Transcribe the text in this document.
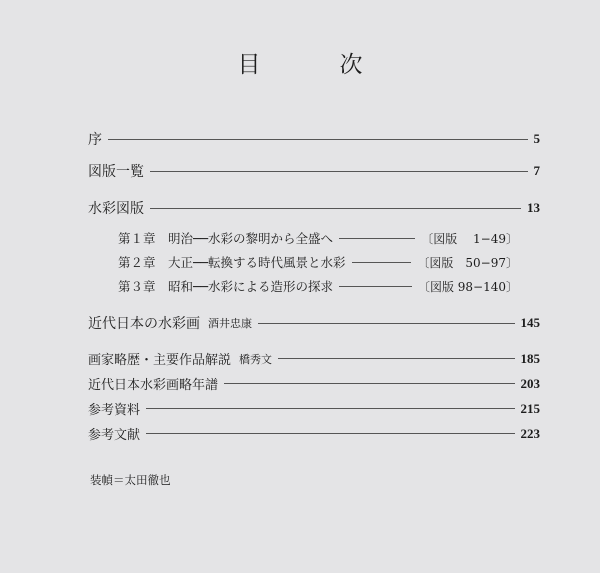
目　次
序	5
図版一覧	7
水彩図版	13
第１章　明治──水彩の黎明から全盛へ	〔図版　 1−49〕
第２章　大正──転換する時代風景と水彩	〔図版　50−97〕
第３章　昭和──水彩による造形の探求	〔図版 98−140〕
近代日本の水彩画 酒井忠康	145
画家略歴・主要作品解説 橋秀文	185
近代日本水彩画略年譜	203
参考資料	215
参考文献	223
装幀＝太田徹也
